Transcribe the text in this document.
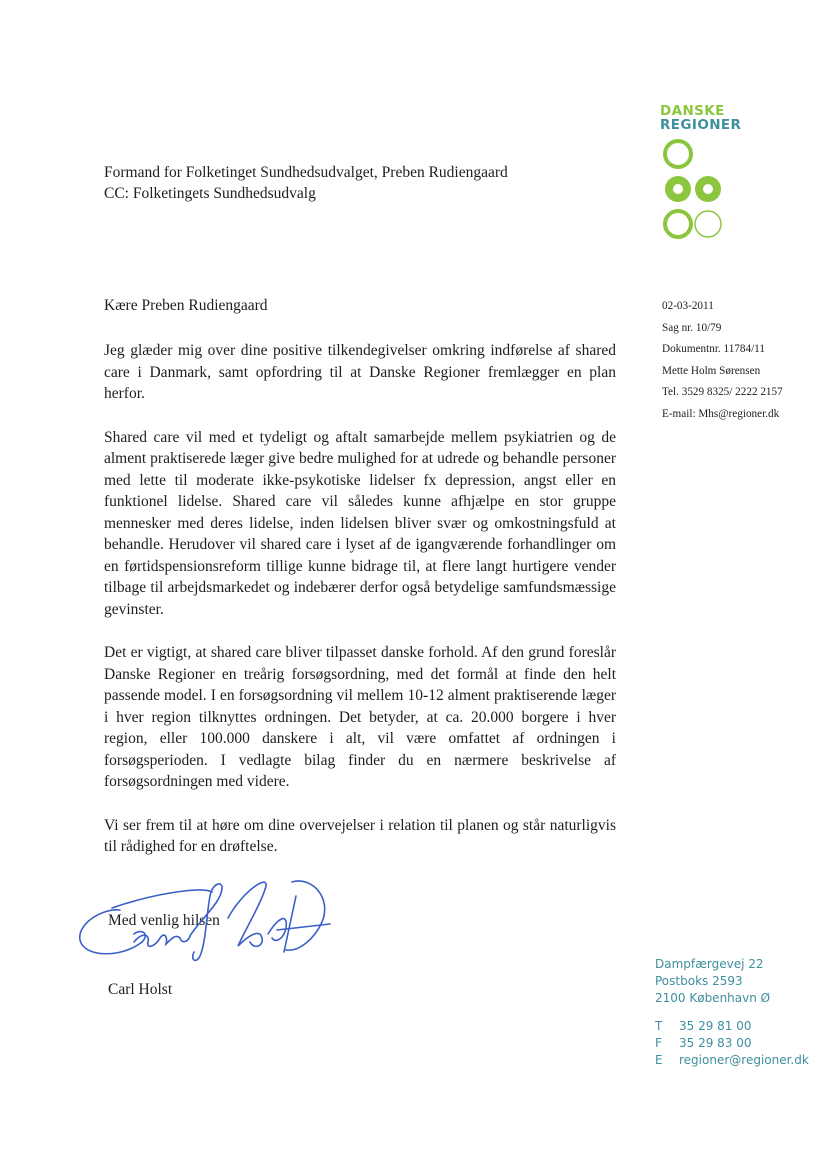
DANSKE
REGIONER
Formand for Folketinget Sundhedsudvalget, Preben Rudiengaard
CC: Folketingets Sundhedsudvalg
02-03-2011
Sag nr. 10/79
Dokumentnr. 11784/11
Mette Holm Sørensen
Tel. 3529 8325/ 2222 2157
E-mail: Mhs@regioner.dk
Kære Preben Rudiengaard

Jeg glæder mig over dine positive tilkendegivelser omkring indførelse af shared care i Danmark, samt opfordring til at Danske Regioner fremlægger en plan herfor.

Shared care vil med et tydeligt og aftalt samarbejde mellem psykiatrien og de alment praktiserede læger give bedre mulighed for at udrede og behandle personer med lette til moderate ikke-psykotiske lidelser fx depression, angst eller en funktionel lidelse. Shared care vil således kunne afhjælpe en stor gruppe mennesker med deres lidelse, inden lidelsen bliver svær og omkostningsfuld at behandle. Herudover vil shared care i lyset af de igangværende forhandlinger om en førtidspensionsreform tillige kunne bidrage til, at flere langt hurtigere vender tilbage til arbejdsmarkedet og indebærer derfor også betydelige samfundsmæssige gevinster.

Det er vigtigt, at shared care bliver tilpasset danske forhold. Af den grund foreslår Danske Regioner en treårig forsøgsordning, med det formål at finde den helt passende model. I en forsøgsordning vil mellem 10-12 alment praktiserende læger i hver region tilknyttes ordningen. Det betyder, at ca. 20.000 borgere i hver region, eller 100.000 danskere i alt, vil være omfattet af ordningen i forsøgsperioden. I vedlagte bilag finder du en nærmere beskrivelse af forsøgsordningen med videre.

Vi ser frem til at høre om dine overvejelser i relation til planen og står naturligvis til rådighed for en drøftelse.

Med venlig hilsen
Carl Holst
Dampfærgevej 22
Postboks 2593
2100 København Ø
T 35 29 81 00
F 35 29 83 00
E regioner@regioner.dk
